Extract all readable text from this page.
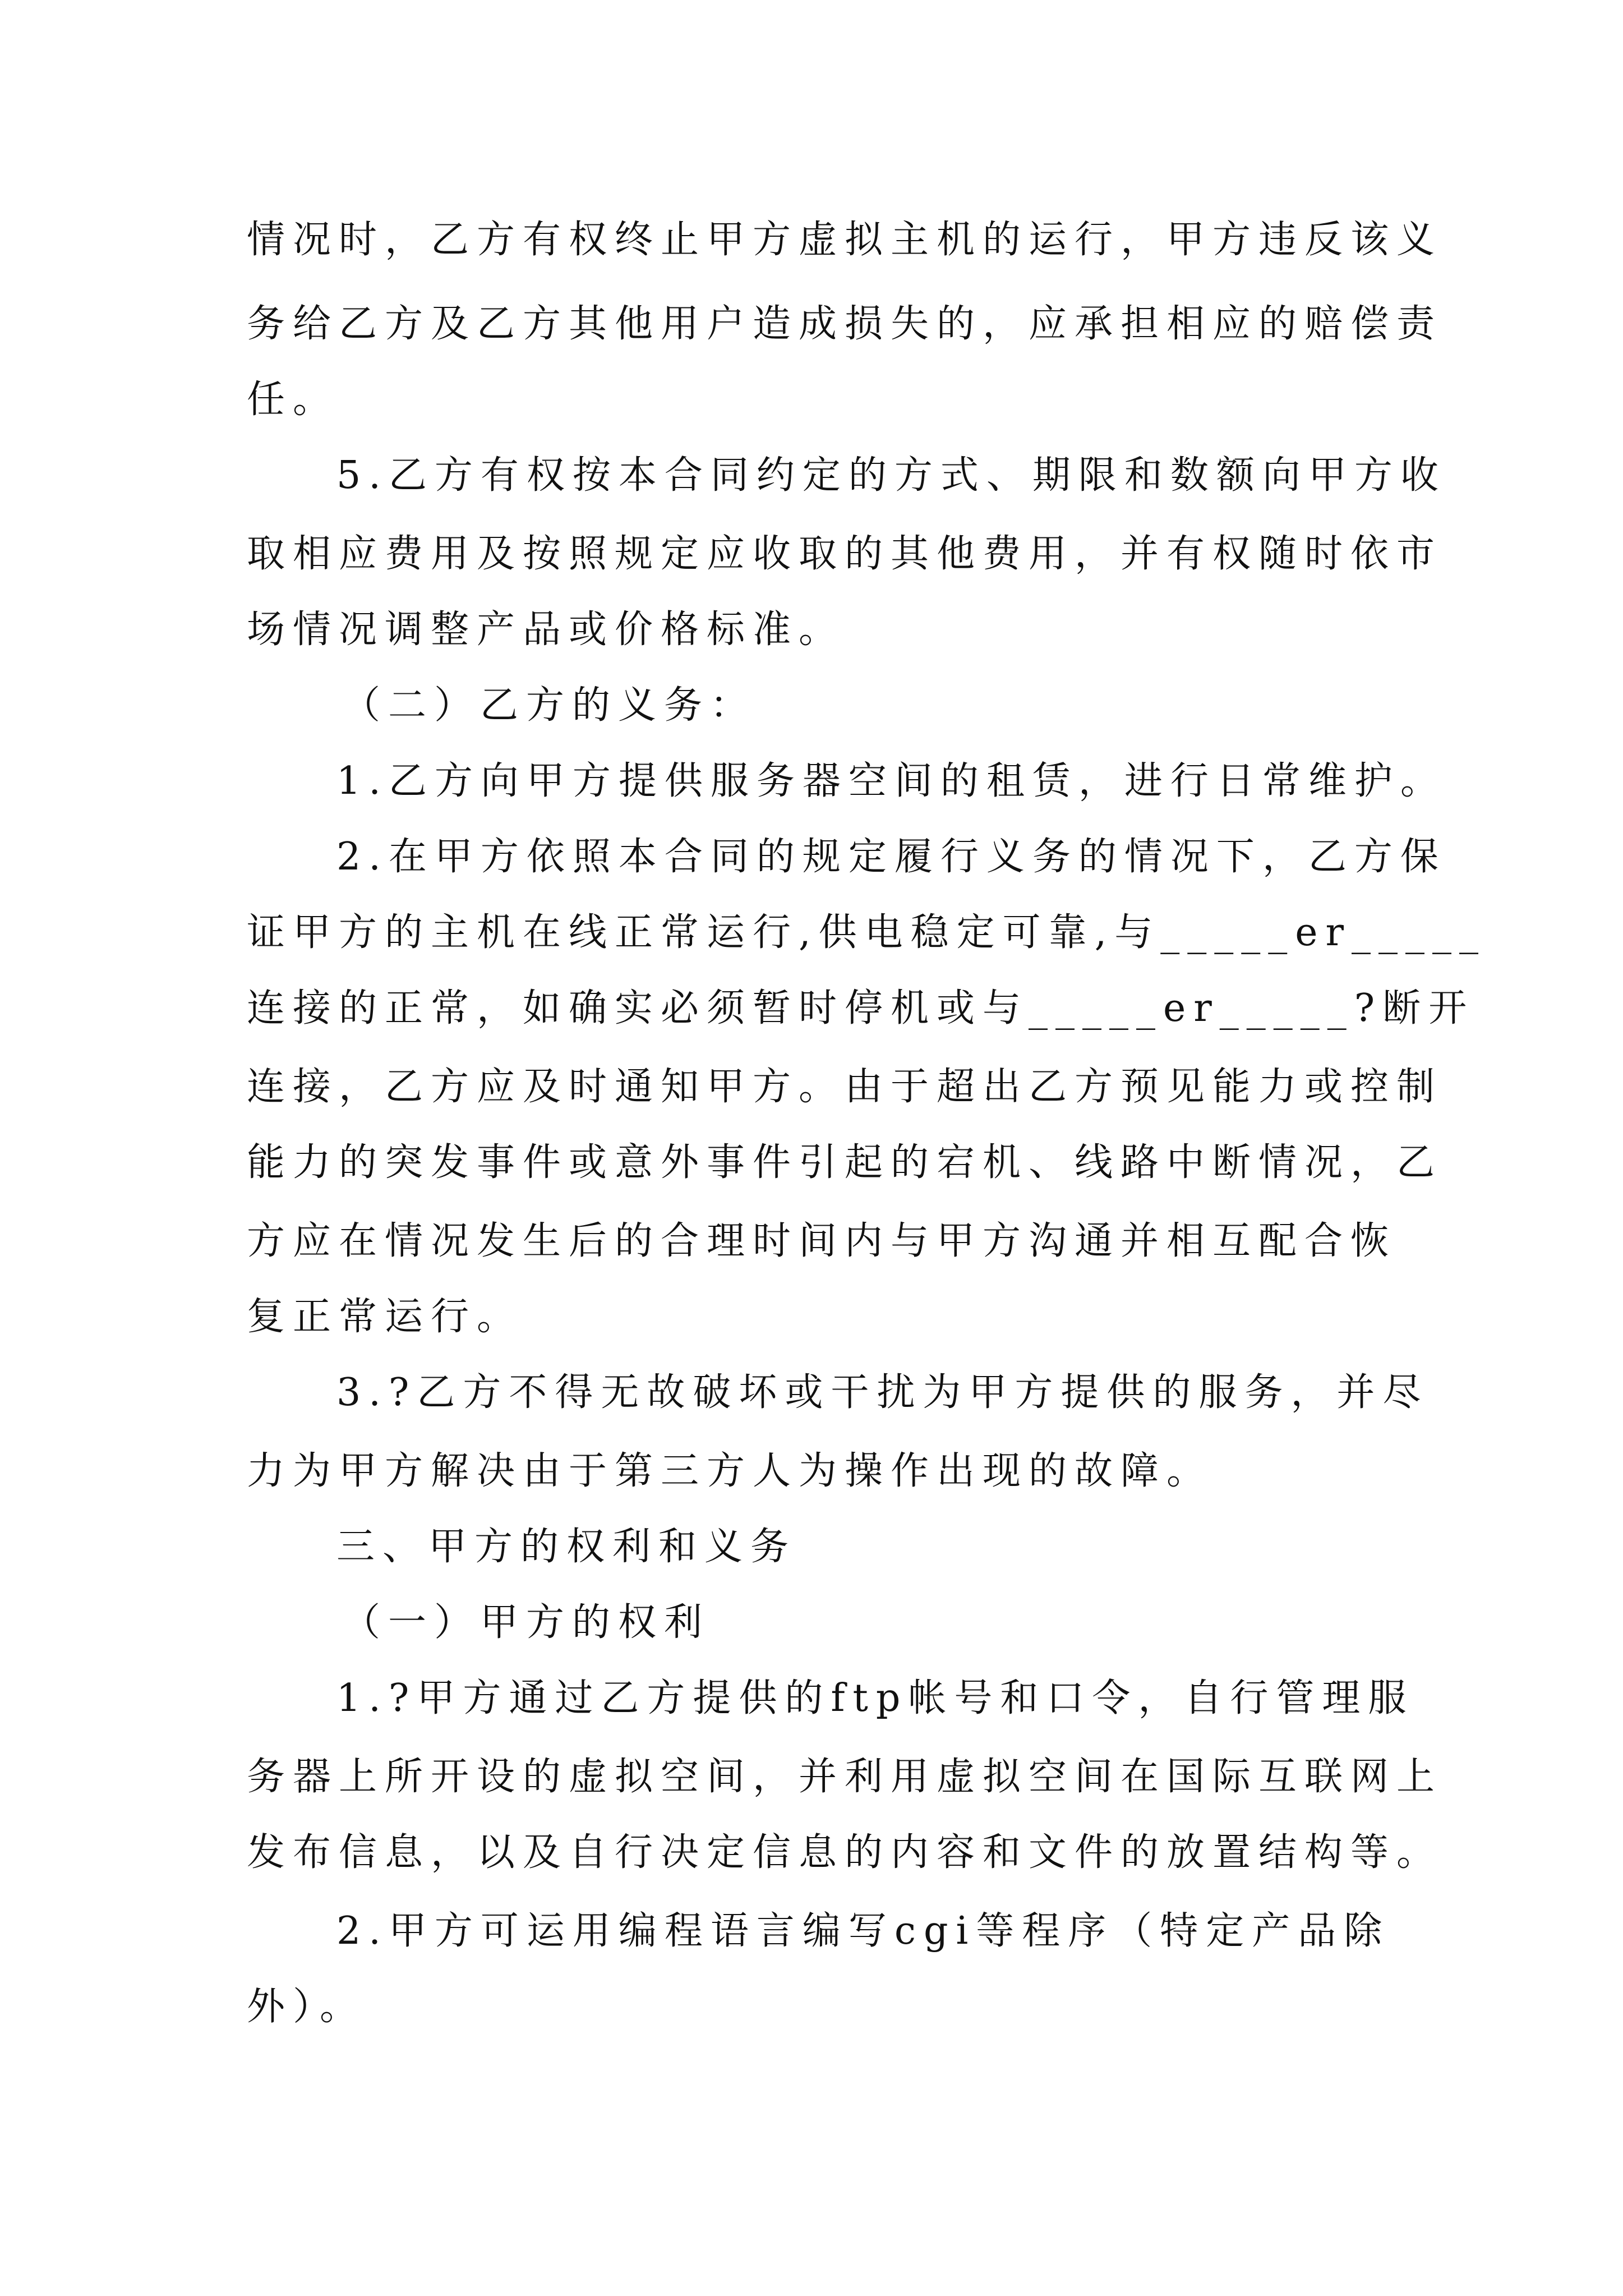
情况时，乙方有权终止甲方虚拟主机的运行，甲方违反该义
务给乙方及乙方其他用户造成损失的，应承担相应的赔偿责
任。
5.乙方有权按本合同约定的方式、期限和数额向甲方收
取相应费用及按照规定应收取的其他费用，并有权随时依市
场情况调整产品或价格标准。
（二）乙方的义务：
1.乙方向甲方提供服务器空间的租赁，进行日常维护。
2.在甲方依照本合同的规定履行义务的情况下，乙方保
证甲方的主机在线正常运行,供电稳定可靠,与_____er_____
连接的正常，如确实必须暂时停机或与_____er_____?断开
连接，乙方应及时通知甲方。由于超出乙方预见能力或控制
能力的突发事件或意外事件引起的宕机、线路中断情况，乙
方应在情况发生后的合理时间内与甲方沟通并相互配合恢
复正常运行。
3.?乙方不得无故破坏或干扰为甲方提供的服务，并尽
力为甲方解决由于第三方人为操作出现的故障。
三、甲方的权利和义务
（一）甲方的权利
1.?甲方通过乙方提供的ftp帐号和口令，自行管理服
务器上所开设的虚拟空间，并利用虚拟空间在国际互联网上
发布信息，以及自行决定信息的内容和文件的放置结构等。
2.甲方可运用编程语言编写cgi等程序（特定产品除
外）。
